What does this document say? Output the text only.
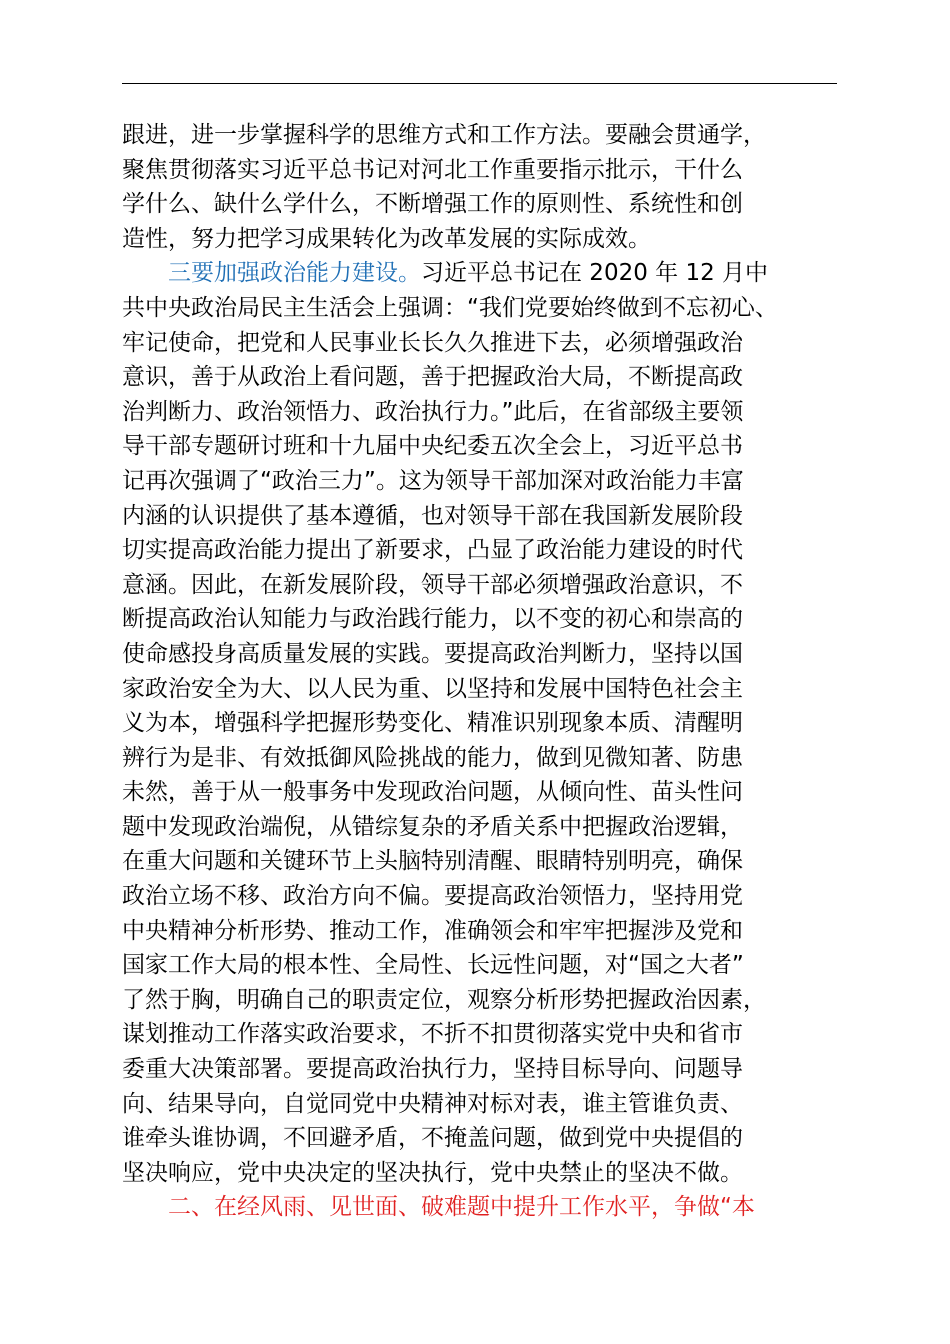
跟进，进一步掌握科学的思维方式和工作方法。要融会贯通学，
聚焦贯彻落实习近平总书记对河北工作重要指示批示，干什么
学什么、缺什么学什么，不断增强工作的原则性、系统性和创
造性，努力把学习成果转化为改革发展的实际成效。
三要加强政治能力建设。习近平总书记在 2020 年 12 月中
共中央政治局民主生活会上强调：“我们党要始终做到不忘初心、
牢记使命，把党和人民事业长长久久推进下去，必须增强政治
意识，善于从政治上看问题，善于把握政治大局，不断提高政
治判断力、政治领悟力、政治执行力。”此后，在省部级主要领
导干部专题研讨班和十九届中央纪委五次全会上，习近平总书
记再次强调了“政治三力”。这为领导干部加深对政治能力丰富
内涵的认识提供了基本遵循，也对领导干部在我国新发展阶段
切实提高政治能力提出了新要求，凸显了政治能力建设的时代
意涵。因此，在新发展阶段，领导干部必须增强政治意识，不
断提高政治认知能力与政治践行能力，以不变的初心和崇高的
使命感投身高质量发展的实践。要提高政治判断力，坚持以国
家政治安全为大、以人民为重、以坚持和发展中国特色社会主
义为本，增强科学把握形势变化、精准识别现象本质、清醒明
辨行为是非、有效抵御风险挑战的能力，做到见微知著、防患
未然，善于从一般事务中发现政治问题，从倾向性、苗头性问
题中发现政治端倪，从错综复杂的矛盾关系中把握政治逻辑，
在重大问题和关键环节上头脑特别清醒、眼睛特别明亮，确保
政治立场不移、政治方向不偏。要提高政治领悟力，坚持用党
中央精神分析形势、推动工作，准确领会和牢牢把握涉及党和
国家工作大局的根本性、全局性、长远性问题，对“国之大者”
了然于胸，明确自己的职责定位，观察分析形势把握政治因素，
谋划推动工作落实政治要求，不折不扣贯彻落实党中央和省市
委重大决策部署。要提高政治执行力，坚持目标导向、问题导
向、结果导向，自觉同党中央精神对标对表，谁主管谁负责、
谁牵头谁协调，不回避矛盾，不掩盖问题，做到党中央提倡的
坚决响应，党中央决定的坚决执行，党中央禁止的坚决不做。
二、在经风雨、见世面、破难题中提升工作水平，争做“本
